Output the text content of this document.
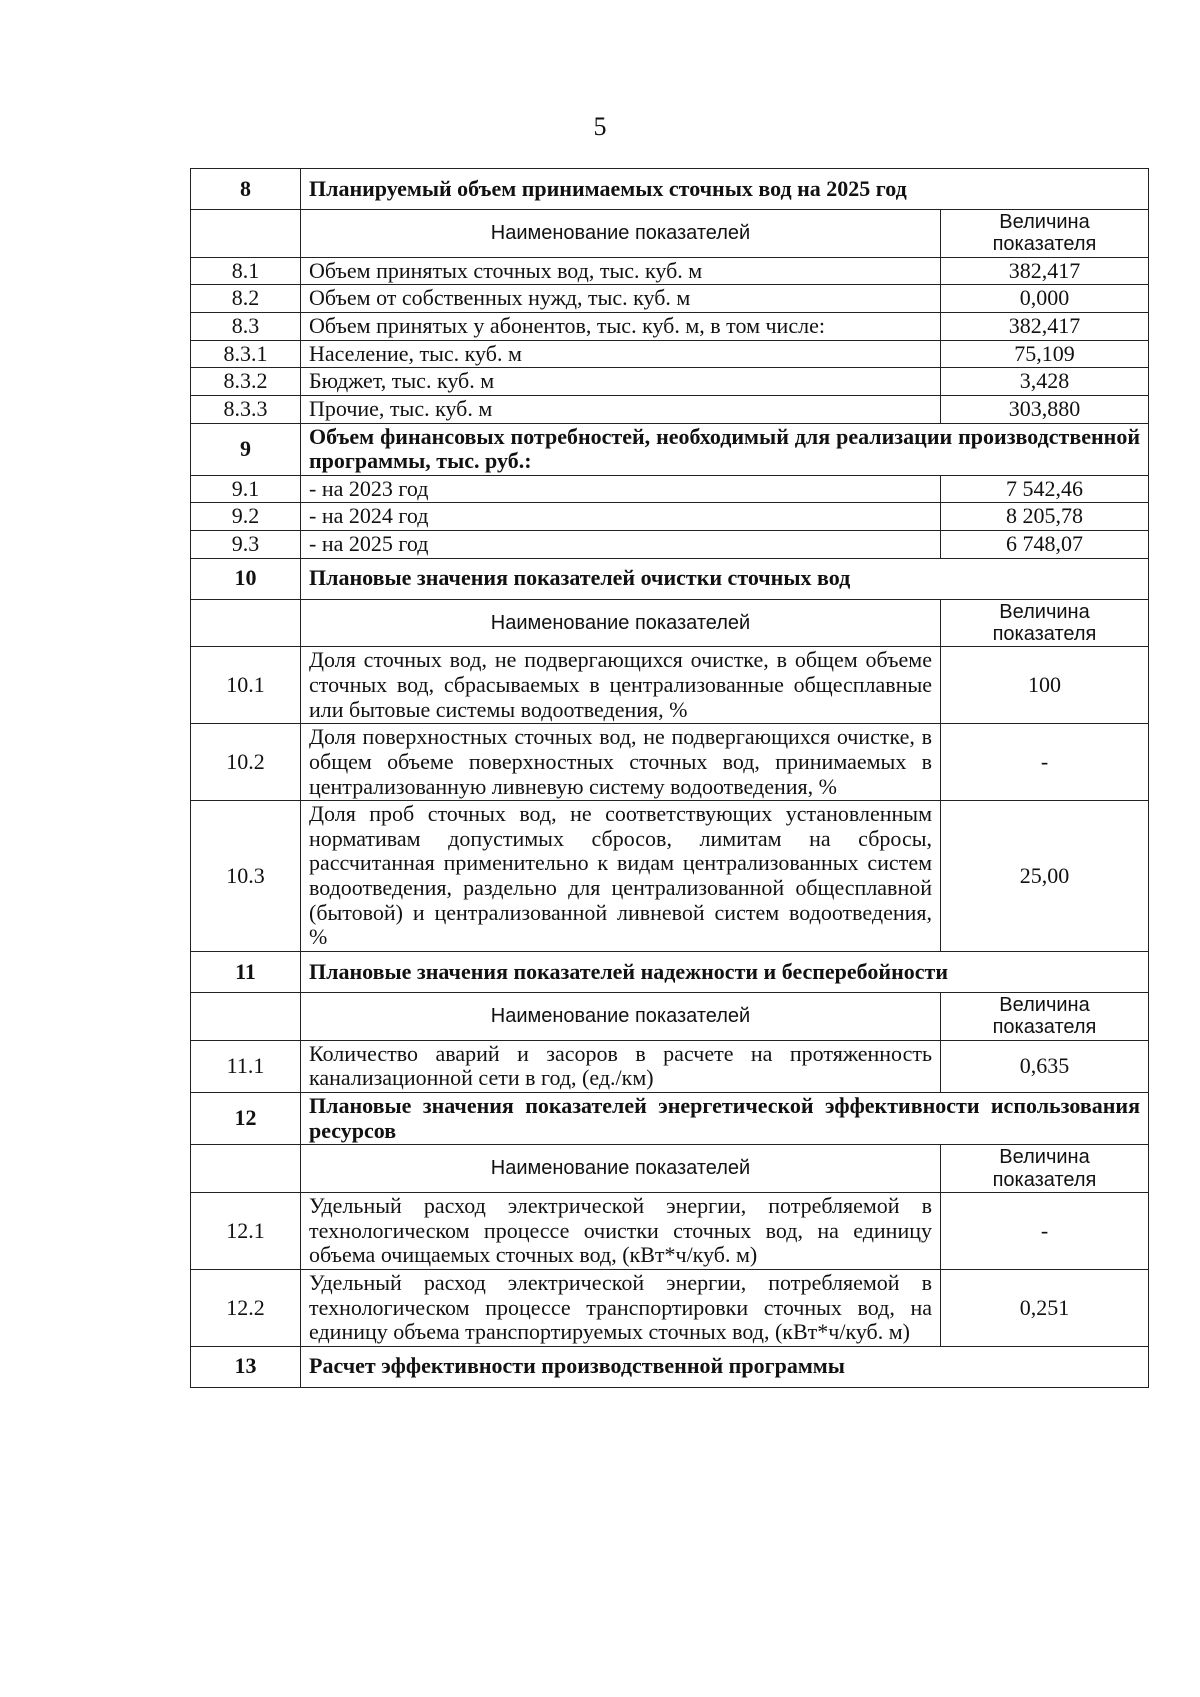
5
8	Планируемый объем принимаемых сточных вод на 2025 год	
	Наименование показателей	Величина показателя
8.1	Объем принятых сточных вод, тыс. куб. м	382,417
8.2	Объем от собственных нужд, тыс. куб. м	0,000
8.3	Объем принятых у абонентов, тыс. куб. м, в том числе:	382,417
8.3.1	Население, тыс. куб. м	75,109
8.3.2	Бюджет, тыс. куб. м	3,428
8.3.3	Прочие, тыс. куб. м	303,880
9	Объем финансовых потребностей, необходимый для реализации производственной программы, тыс. руб.:	
9.1	- на 2023 год	7 542,46
9.2	- на 2024 год	8 205,78
9.3	- на 2025 год	6 748,07
10	Плановые значения показателей очистки сточных вод	
	Наименование показателей	Величина показателя
10.1	Доля сточных вод, не подвергающихся очистке, в общем объеме сточных вод, сбрасываемых в централизованные общесплавные или бытовые системы водоотведения, %	100
10.2	Доля поверхностных сточных вод, не подвергающихся очистке, в общем объеме поверхностных сточных вод, принимаемых в централизованную ливневую систему водоотведения, %	-
10.3	Доля проб сточных вод, не соответствующих установленным нормативам допустимых сбросов, лимитам на сбросы, рассчитанная применительно к видам централизованных систем водоотведения, раздельно для централизованной общесплавной (бытовой) и централизованной ливневой систем водоотведения, %	25,00
11	Плановые значения показателей надежности и бесперебойности	
	Наименование показателей	Величина показателя
11.1	Количество аварий и засоров в расчете на протяженность канализационной сети в год, (ед./км)	0,635
12	Плановые значения показателей энергетической эффективности использования ресурсов	
	Наименование показателей	Величина показателя
12.1	Удельный расход электрической энергии, потребляемой в технологическом процессе очистки сточных вод, на единицу объема очищаемых сточных вод, (кВт*ч/куб. м)	-
12.2	Удельный расход электрической энергии, потребляемой в технологическом процессе транспортировки сточных вод, на единицу объема транспортируемых сточных вод, (кВт*ч/куб. м)	0,251
13	Расчет эффективности производственной программы	
